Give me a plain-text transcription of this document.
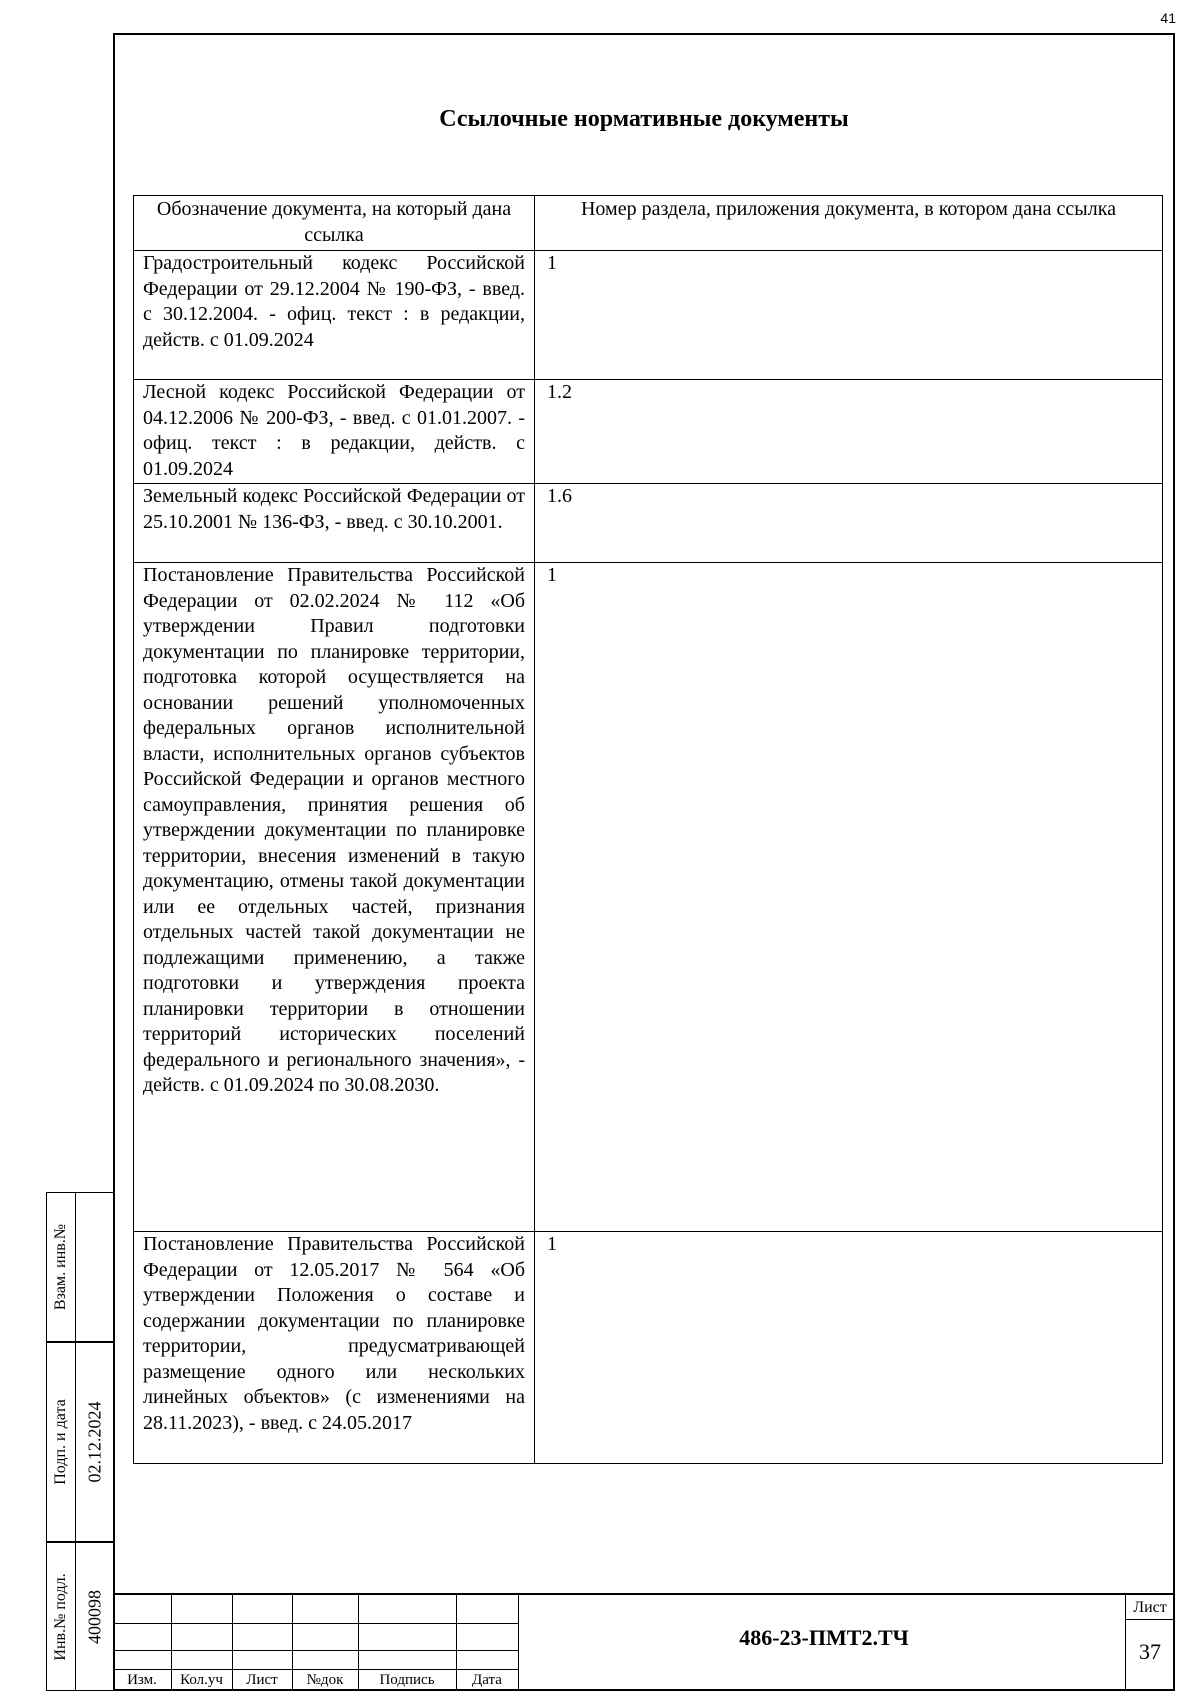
41
Ссылочные нормативные документы
Обозначение документа, на который дана ссылка	Номер раздела, приложения документа, в котором дана ссылка
Градостроительный кодекс Российской Федерации от 29.12.2004 № 190-ФЗ, - введ. с 30.12.2004. - офиц. текст : в редакции, действ. с 01.09.2024	1
Лесной кодекс Российской Федерации от 04.12.2006 № 200-ФЗ, - введ. с 01.01.2007. - офиц. текст : в редакции, действ. с 01.09.2024	1.2
Земельный кодекс Российской Федерации от 25.10.2001 № 136-ФЗ, - введ. с 30.10.2001.	1.6
Постановление Правительства Российской Федерации от 02.02.2024 № 112 «Об утверждении Правил подготовки документации по планировке территории, подготовка которой осуществляется на основании решений уполномоченных федеральных органов исполнительной власти, исполнительных органов субъектов Российской Федерации и органов местного самоуправления, принятия решения об утверждении документации по планировке территории, внесения изменений в такую документацию, отмены такой документации или ее отдельных частей, признания отдельных частей такой документации не подлежащими применению, а также подготовки и утверждения проекта планировки территории в отношении территорий исторических поселений федерального и регионального значения», - действ. с 01.09.2024 по 30.08.2030.	1
Постановление Правительства Российской Федерации от 12.05.2017 № 564 «Об утверждении Положения о составе и содержании документации по планировке территории, предусматривающей размещение одного или нескольких линейных объектов» (с изменениями на 28.11.2023), - введ. с 24.05.2017	1
Взам. инв.№
Подп. и дата 02.12.2024
Инв.№ подл. 400098
Изм.	Кол.уч	Лист	№док	Подпись	Дата
486-23-ПМТ2.ТЧ
Лист
37
